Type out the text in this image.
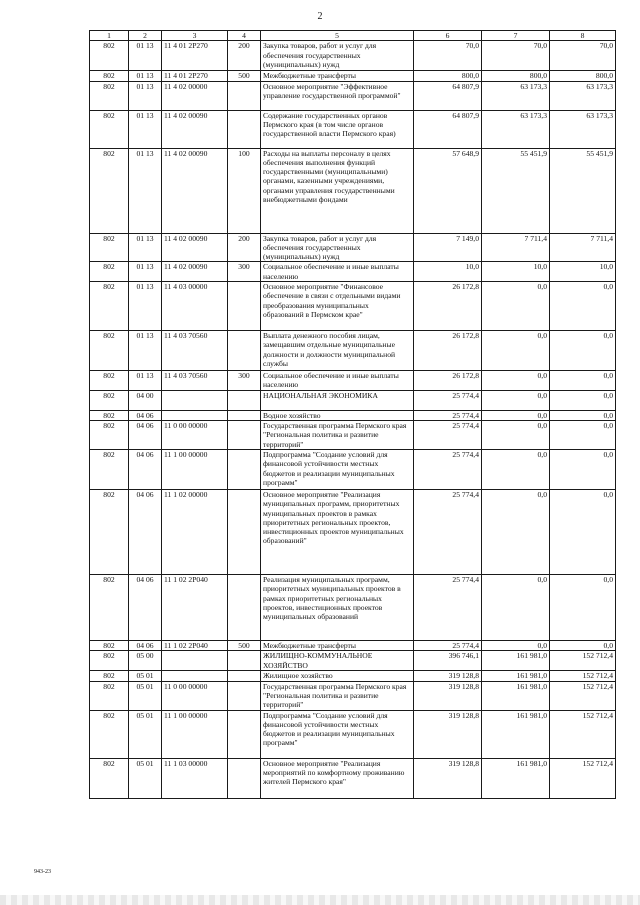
2
1	2	3	4	5	6	7	8
802	01 13	11 4 01 2P270	200	Закупка товаров, работ и услуг для обеспечения государственных (муниципальных) нужд	70,0	70,0	70,0
802	01 13	11 4 01 2P270	500	Межбюджетные трансферты	800,0	800,0	800,0
802	01 13	11 4 02 00000		Основное мероприятие "Эффективное управление государственной программой"	64 807,9	63 173,3	63 173,3
802	01 13	11 4 02 00090		Содержание государственных органов Пермского края (в том числе органов государственной власти Пермского края)	64 807,9	63 173,3	63 173,3
802	01 13	11 4 02 00090	100	Расходы на выплаты персоналу в целях обеспечения выполнения функций государственными (муниципальными) органами, казенными учреждениями, органами управления государственными внебюджетными фондами	57 648,9	55 451,9	55 451,9
802	01 13	11 4 02 00090	200	Закупка товаров, работ и услуг для обеспечения государственных (муниципальных) нужд	7 149,0	7 711,4	7 711,4
802	01 13	11 4 02 00090	300	Социальное обеспечение и иные выплаты населению	10,0	10,0	10,0
802	01 13	11 4 03 00000		Основное мероприятие "Финансовое обеспечение в связи с отдельными видами преобразования муниципальных образований в Пермском крае"	26 172,8	0,0	0,0
802	01 13	11 4 03 70560		Выплата денежного пособия лицам, замещавшим отдельные муниципальные должности и должности муниципальной службы	26 172,8	0,0	0,0
802	01 13	11 4 03 70560	300	Социальное обеспечение и иные выплаты населению	26 172,8	0,0	0,0
802	04 00			НАЦИОНАЛЬНАЯ ЭКОНОМИКА	25 774,4	0,0	0,0
802	04 06			Водное хозяйство	25 774,4	0,0	0,0
802	04 06	11 0 00 00000		Государственная программа Пермского края "Региональная политика и развитие территорий"	25 774,4	0,0	0,0
802	04 06	11 1 00 00000		Подпрограмма "Создание условий для финансовой устойчивости местных бюджетов и реализации муниципальных программ"	25 774,4	0,0	0,0
802	04 06	11 1 02 00000		Основное мероприятие "Реализация муниципальных программ, приоритетных муниципальных проектов в рамках приоритетных региональных проектов, инвестиционных проектов муниципальных образований"	25 774,4	0,0	0,0
802	04 06	11 1 02 2P040		Реализация муниципальных программ, приоритетных муниципальных проектов в рамках приоритетных региональных проектов, инвестиционных проектов муниципальных образований	25 774,4	0,0	0,0
802	04 06	11 1 02 2P040	500	Межбюджетные трансферты	25 774,4	0,0	0,0
802	05 00			ЖИЛИЩНО-КОММУНАЛЬНОЕ ХОЗЯЙСТВО	396 746,1	161 981,0	152 712,4
802	05 01			Жилищное хозяйство	319 128,8	161 981,0	152 712,4
802	05 01	11 0 00 00000		Государственная программа Пермского края "Региональная политика и развитие территорий"	319 128,8	161 981,0	152 712,4
802	05 01	11 1 00 00000		Подпрограмма "Создание условий для финансовой устойчивости местных бюджетов и реализации муниципальных программ"	319 128,8	161 981,0	152 712,4
802	05 01	11 1 03 00000		Основное мероприятие "Реализация мероприятий по комфортному проживанию жителей Пермского края"	319 128,8	161 981,0	152 712,4
943-23
